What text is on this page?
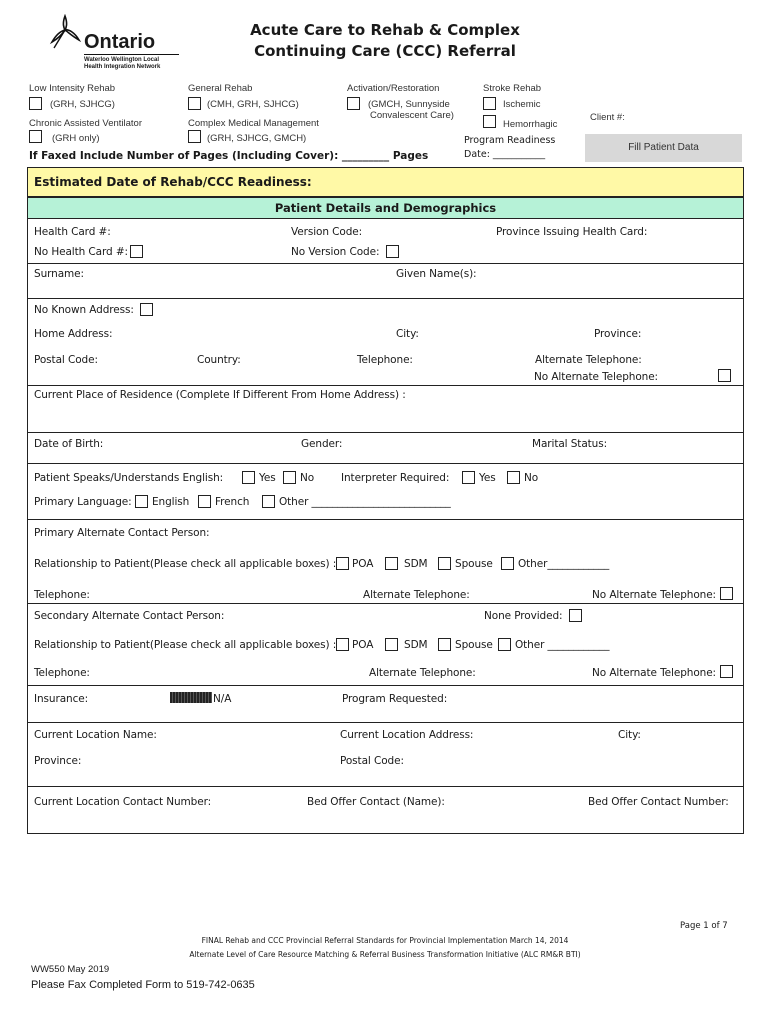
Ontario
Waterloo Wellington Local
Health Integration Network
Acute Care to Rehab & Complex
Continuing Care (CCC) Referral
Low Intensity Rehab
(GRH, SJHCG)
General Rehab
(CMH, GRH, SJHCG)
Activation/Restoration
(GMCH, Sunnyside
Convalescent Care)
Stroke Rehab
Ischemic
Hemorrhagic
Client #:
Chronic Assisted Ventilator
(GRH only)
Complex Medical Management
(GRH, SJHCG, GMCH)	Program Readiness
Date: ___________
Fill Patient Data
If Faxed Include Number of Pages (Including Cover): _________ Pages
Estimated Date of Rehab/CCC Readiness:
Patient Details and Demographics
Health Card #:	Version Code:	Province Issuing Health Card:
No Health Card #:	No Version Code:
Surname:	Given Name(s):
No Known Address:
Home Address:	City:	Province:
Postal Code:	Country:	Telephone:	Alternate Telephone:
No Alternate Telephone:
Current Place of Residence (Complete If Different From Home Address) :
Date of Birth:	Gender:	Marital Status:
Patient Speaks/Understands English:	Yes No	Interpreter Required:	Yes	No
Primary Language: English French	Other ___________________________
Primary Alternate Contact Person:
Relationship to Patient(Please check all applicable boxes) : POA	SDM	Spouse Other____________
Telephone:	Alternate Telephone:	No Alternate Telephone:
Secondary Alternate Contact Person:	None Provided:
Relationship to Patient(Please check all applicable boxes) : POA	SDM	Spouse Other ____________
Telephone:	Alternate Telephone:	No Alternate Telephone:
Insurance:	N/A	Program Requested:
Current Location Name:	Current Location Address:	City:
Province:	Postal Code:
Current Location Contact Number:	Bed Offer Contact (Name):	Bed Offer Contact Number:
Page 1 of 7
FINAL Rehab and CCC Provincial Referral Standards for Provincial Implementation March 14, 2014
Alternate Level of Care Resource Matching & Referral Business Transformation Initiative (ALC RM&R BTI)
WW550 May 2019
Please Fax Completed Form to 519-742-0635
